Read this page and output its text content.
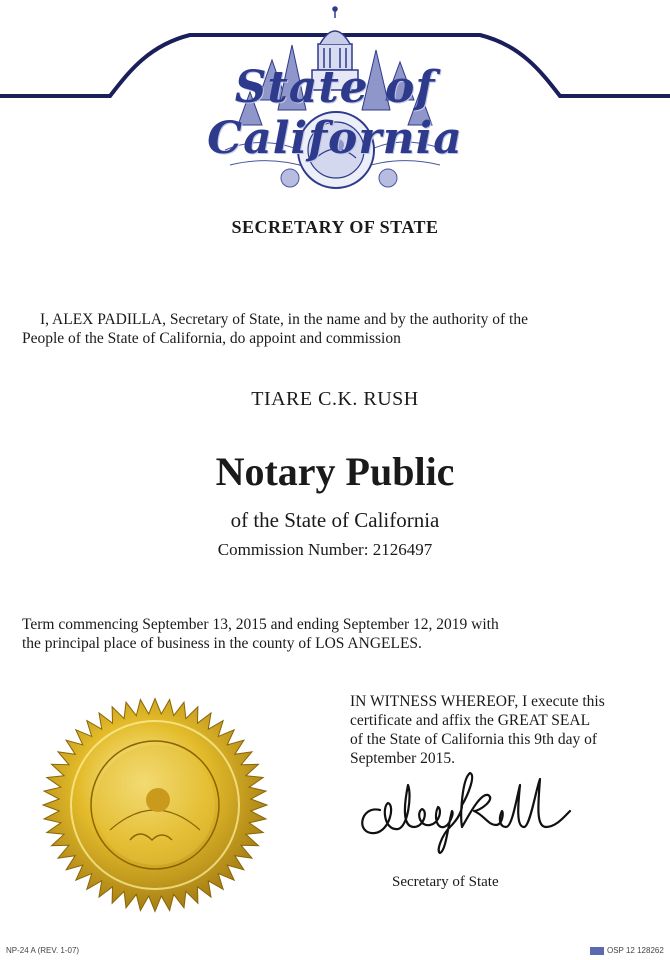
State of California
SECRETARY OF STATE
I, ALEX PADILLA, Secretary of State, in the name and by the authority of the
People of the State of California, do appoint and commission
TIARE C.K. RUSH
Notary Public
of the State of California
Commission Number: 2126497
Term commencing September 13, 2015 and ending September 12, 2019 with
the principal place of business in the county of LOS ANGELES.
IN WITNESS WHEREOF, I execute this
certificate and affix the GREAT SEAL
of the State of California this 9th day of
September 2015.
Secretary of State
NP-24 A (REV. 1-07)	OSP 12 128262
